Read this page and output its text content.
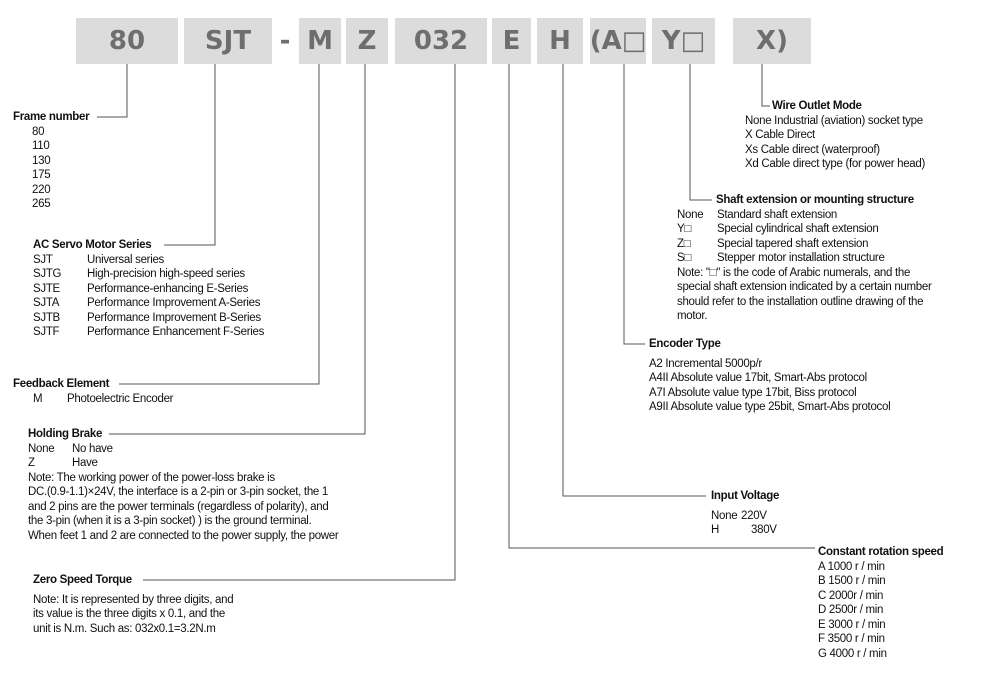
80	SJT	- M Z	032	E	H (A□ Y□	X)
Frame number
80
110
130
175
220
265
AC Servo Motor Series
SJT	Universal series
SJTG	High-precision high-speed series
SJTE	Performance-enhancing E-Series
SJTA	Performance Improvement A-Series
SJTB	Performance Improvement B-Series
SJTF	Performance Enhancement F-Series
Feedback Element
M	Photoelectric Encoder
Holding Brake
None	No have
Z	Have
Note: The working power of the power-loss brake is
DC.(0.9-1.1)×24V, the interface is a 2-pin or 3-pin socket, the 1
and 2 pins are the power terminals (regardless of polarity), and
the 3-pin (when it is a 3-pin socket) ) is the ground terminal.
When feet 1 and 2 are connected to the power supply, the power
Zero Speed Torque
Note: It is represented by three digits, and
its value is the three digits x 0.1, and the
unit is N.m. Such as: 032x0.1=3.2N.m
Wire Outlet Mode
None Industrial (aviation) socket type
X Cable Direct
Xs Cable direct (waterproof)
Xd Cable direct type (for power head)
Shaft extension or mounting structure
None	Standard shaft extension
Y□	Special cylindrical shaft extension
Z□	Special tapered shaft extension
S□	Stepper motor installation structure
Note: "□" is the code of Arabic numerals, and the
special shaft extension indicated by a certain number
should refer to the installation outline drawing of the
motor.
Encoder Type
A2 Incremental 5000p/r
A4II Absolute value 17bit, Smart-Abs protocol
A7I Absolute value type 17bit, Biss protocol
A9II Absolute value type 25bit, Smart-Abs protocol
Input Voltage
None 220V
H	380V
Constant rotation speed
A 1000 r / min
B 1500 r / min
C 2000r / min
D 2500r / min
E 3000 r / min
F 3500 r / min
G 4000 r / min
